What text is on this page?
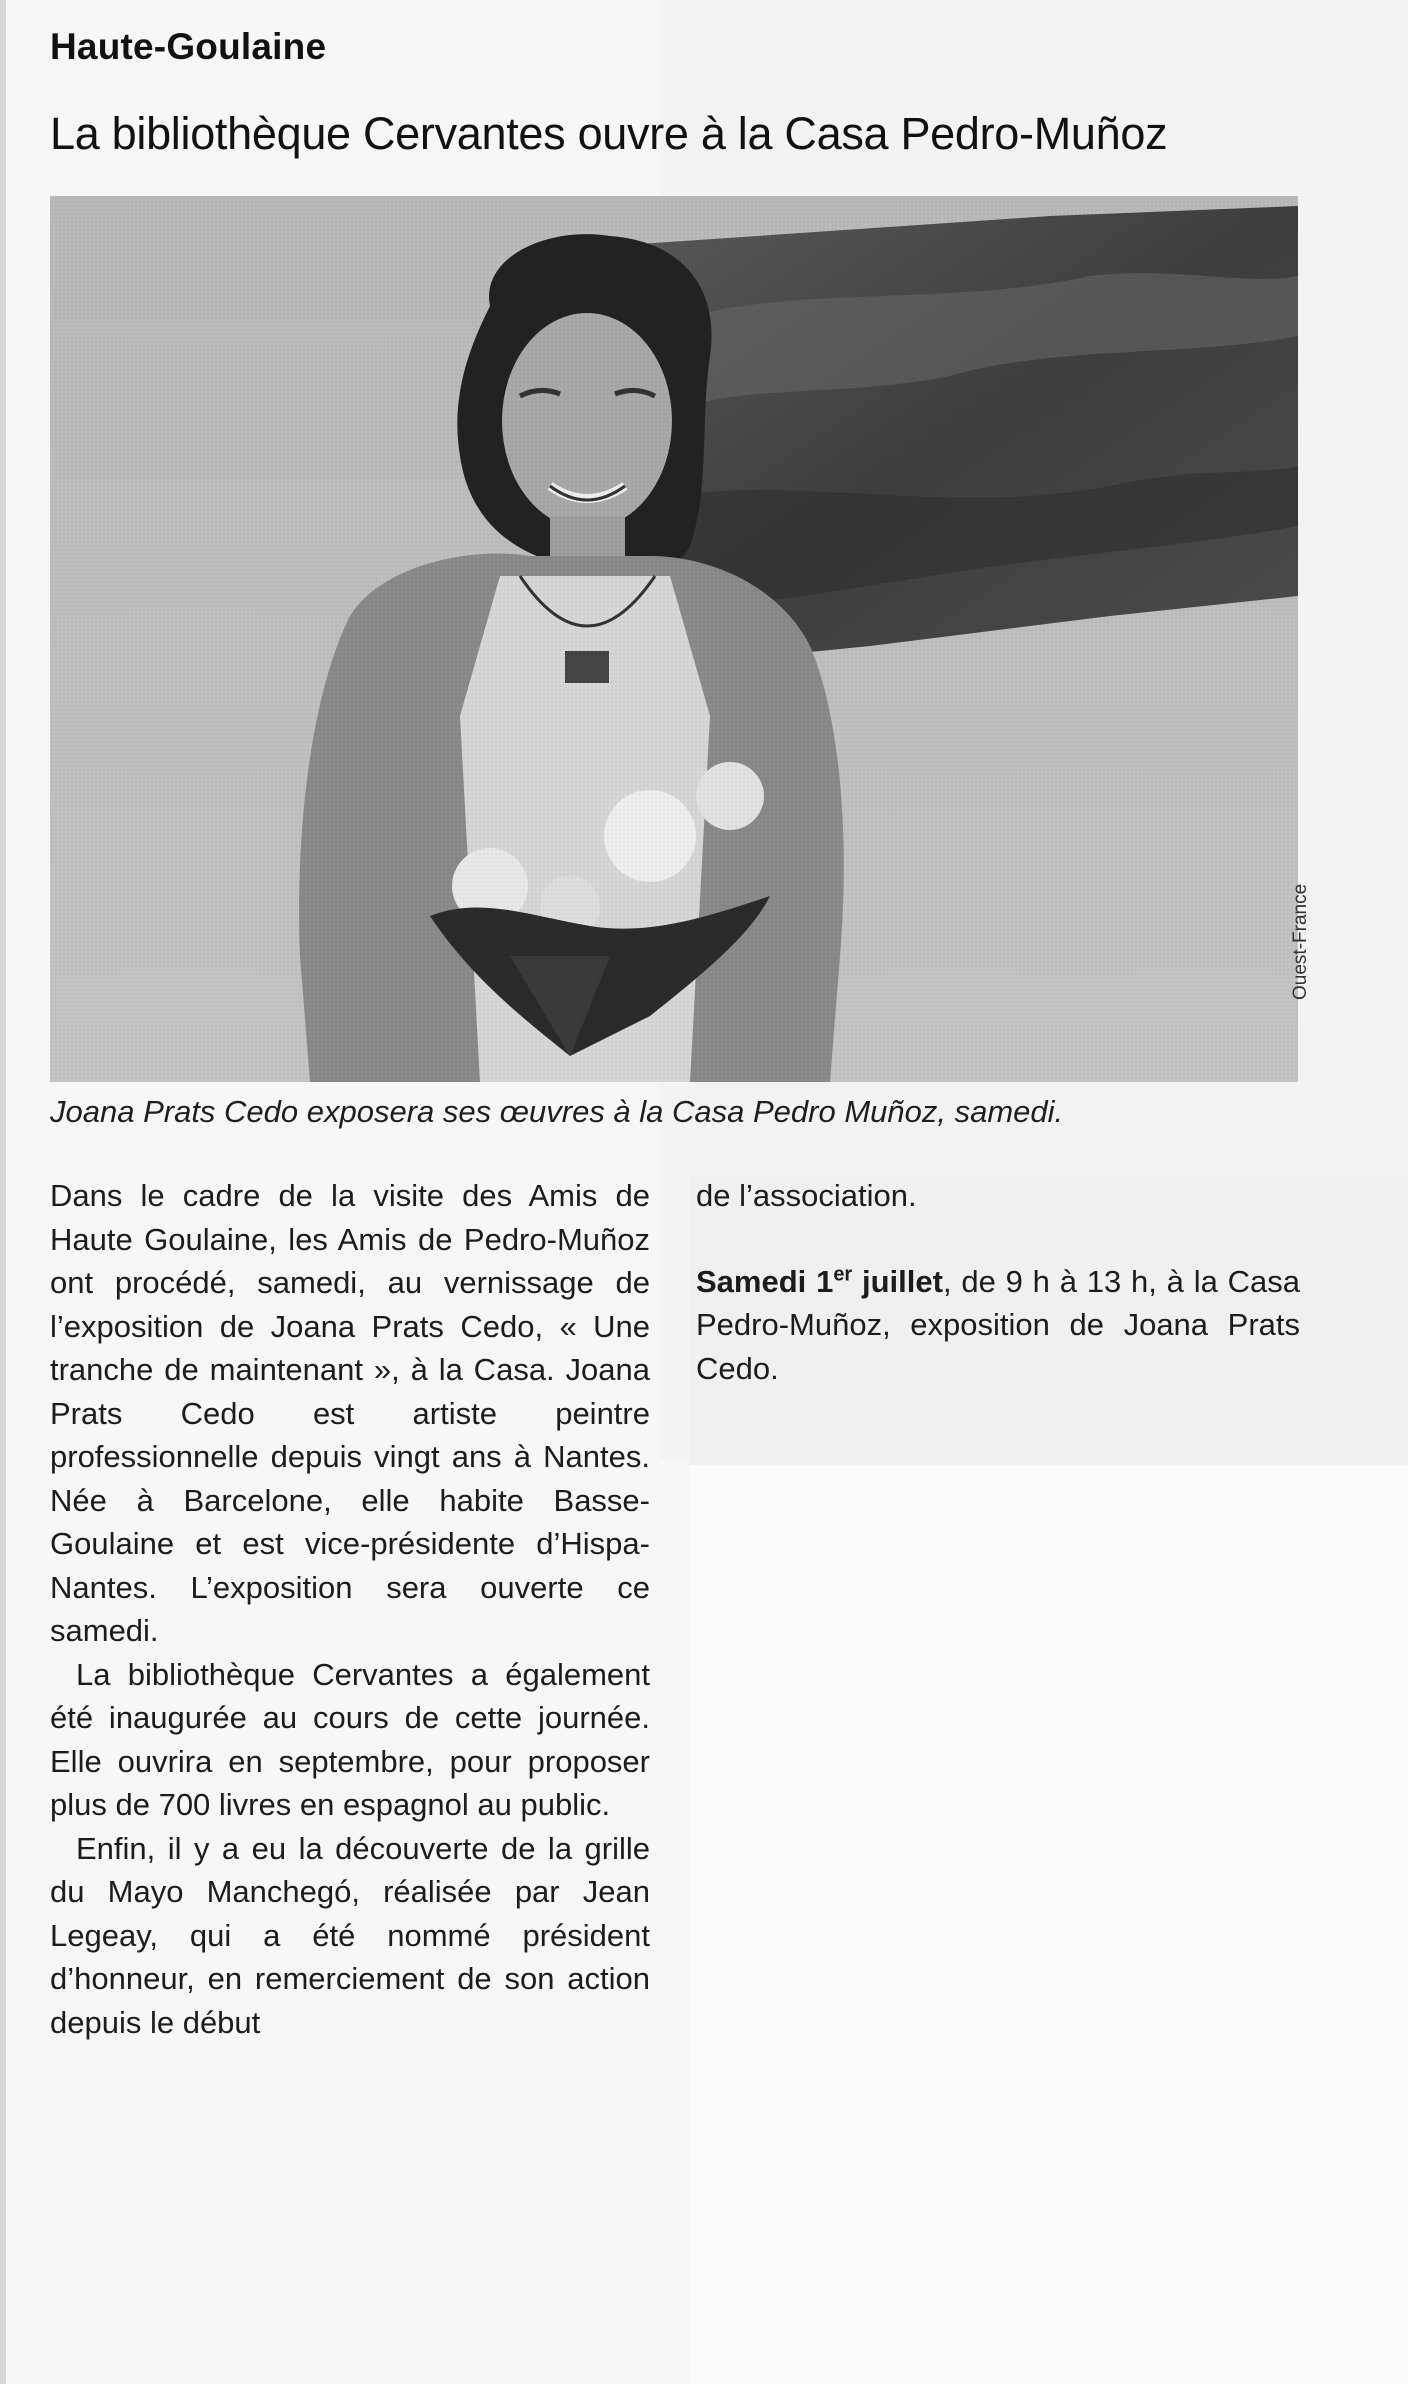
Haute-Goulaine
La bibliothèque Cervantes ouvre à la Casa Pedro-Muñoz
Ouest-France
Joana Prats Cedo exposera ses œuvres à la Casa Pedro Muñoz, samedi.

Dans le cadre de la visite des Amis de Haute Goulaine, les Amis de Pedro-Muñoz ont procédé, samedi, au vernissage de l’exposition de Joana Prats Cedo, « Une tranche de maintenant », à la Casa. Joana Prats Cedo est artiste peintre professionnelle depuis vingt ans à Nantes. Née à Barcelone, elle habite Basse-Goulaine et est vice-présidente d’Hispa-Nantes. L’exposition sera ouverte ce samedi.

La bibliothèque Cervantes a également été inaugurée au cours de cette journée. Elle ouvrira en septembre, pour proposer plus de 700 livres en espagnol au public.

Enfin, il y a eu la découverte de la grille du Mayo Manchegó, réalisée par Jean Legeay, qui a été nommé président d’honneur, en remerciement de son action depuis le début

de l’association.

Samedi 1er juillet, de 9 h à 13 h, à la Casa Pedro-Muñoz, exposition de Joana Prats Cedo.
